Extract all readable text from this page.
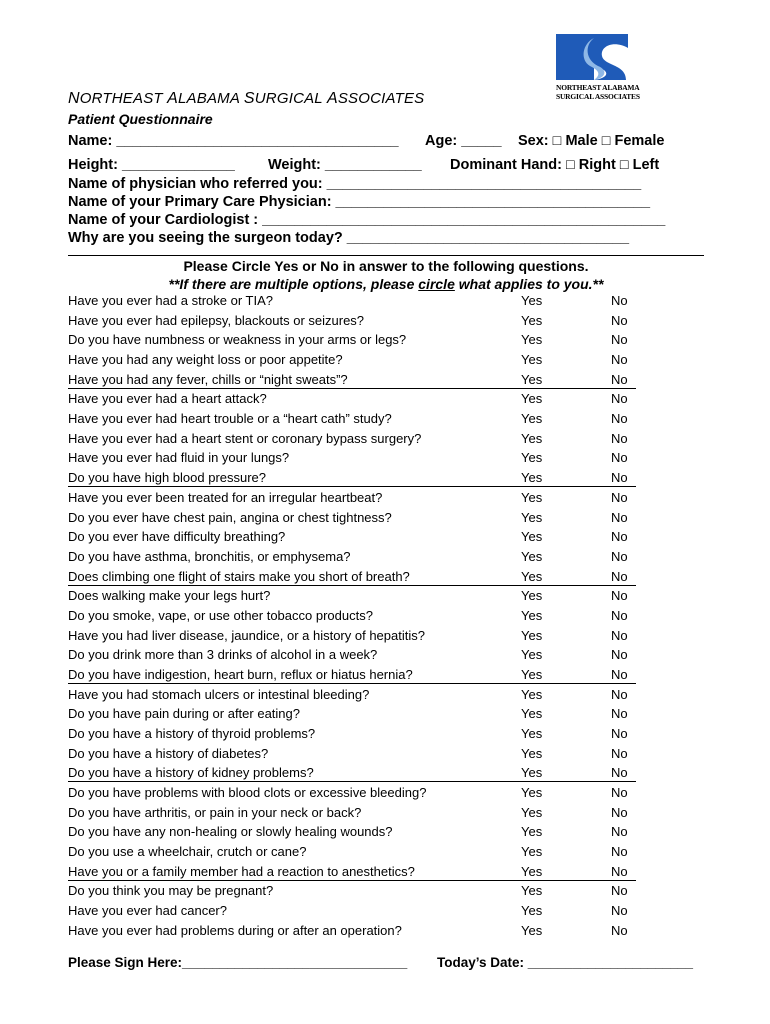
NORTHEAST ALABAMA
SURGICAL ASSOCIATES
NORTHEAST ALABAMA SURGICAL ASSOCIATES
Patient Questionnaire
Name: ___________________________________ Age: _____ Sex: □ Male □ Female
Height: ______________ Weight: ____________ Dominant Hand: □ Right □ Left
Name of physician who referred you: _______________________________________
Name of your Primary Care Physician: _______________________________________
Name of your Cardiologist : __________________________________________________
Why are you seeing the surgeon today? ___________________________________
Please Circle Yes or No in answer to the following questions.
**If there are multiple options, please circle what applies to you.**
Have you ever had a stroke or TIA?	Yes	No
Have you ever had epilepsy, blackouts or seizures?	Yes	No
Do you have numbness or weakness in your arms or legs?	Yes	No
Have you had any weight loss or poor appetite?	Yes	No
Have you had any fever, chills or “night sweats”?	Yes	No
Have you ever had a heart attack?	Yes	No
Have you ever had heart trouble or a “heart cath” study?	Yes	No
Have you ever had a heart stent or coronary bypass surgery?	Yes	No
Have you ever had fluid in your lungs?	Yes	No
Do you have high blood pressure?	Yes	No
Have you ever been treated for an irregular heartbeat?	Yes	No
Do you ever have chest pain, angina or chest tightness?	Yes	No
Do you ever have difficulty breathing?	Yes	No
Do you have asthma, bronchitis, or emphysema?	Yes	No
Does climbing one flight of stairs make you short of breath?	Yes	No
Does walking make your legs hurt?	Yes	No
Do you smoke, vape, or use other tobacco products?	Yes	No
Have you had liver disease, jaundice, or a history of hepatitis?	Yes	No
Do you drink more than 3 drinks of alcohol in a week?	Yes	No
Do you have indigestion, heart burn, reflux or hiatus hernia?	Yes	No
Have you had stomach ulcers or intestinal bleeding?	Yes	No
Do you have pain during or after eating?	Yes	No
Do you have a history of thyroid problems?	Yes	No
Do you have a history of diabetes?	Yes	No
Do you have a history of kidney problems?	Yes	No
Do you have problems with blood clots or excessive bleeding?	Yes	No
Do you have arthritis, or pain in your neck or back?	Yes	No
Do you have any non-healing or slowly healing wounds?	Yes	No
Do you use a wheelchair, crutch or cane?	Yes	No
Have you or a family member had a reaction to anesthetics?	Yes	No
Do you think you may be pregnant?	Yes	No
Have you ever had cancer?	Yes	No
Have you ever had problems during or after an operation?	Yes	No
Please Sign Here:______________________________ Today’s Date: ______________________
